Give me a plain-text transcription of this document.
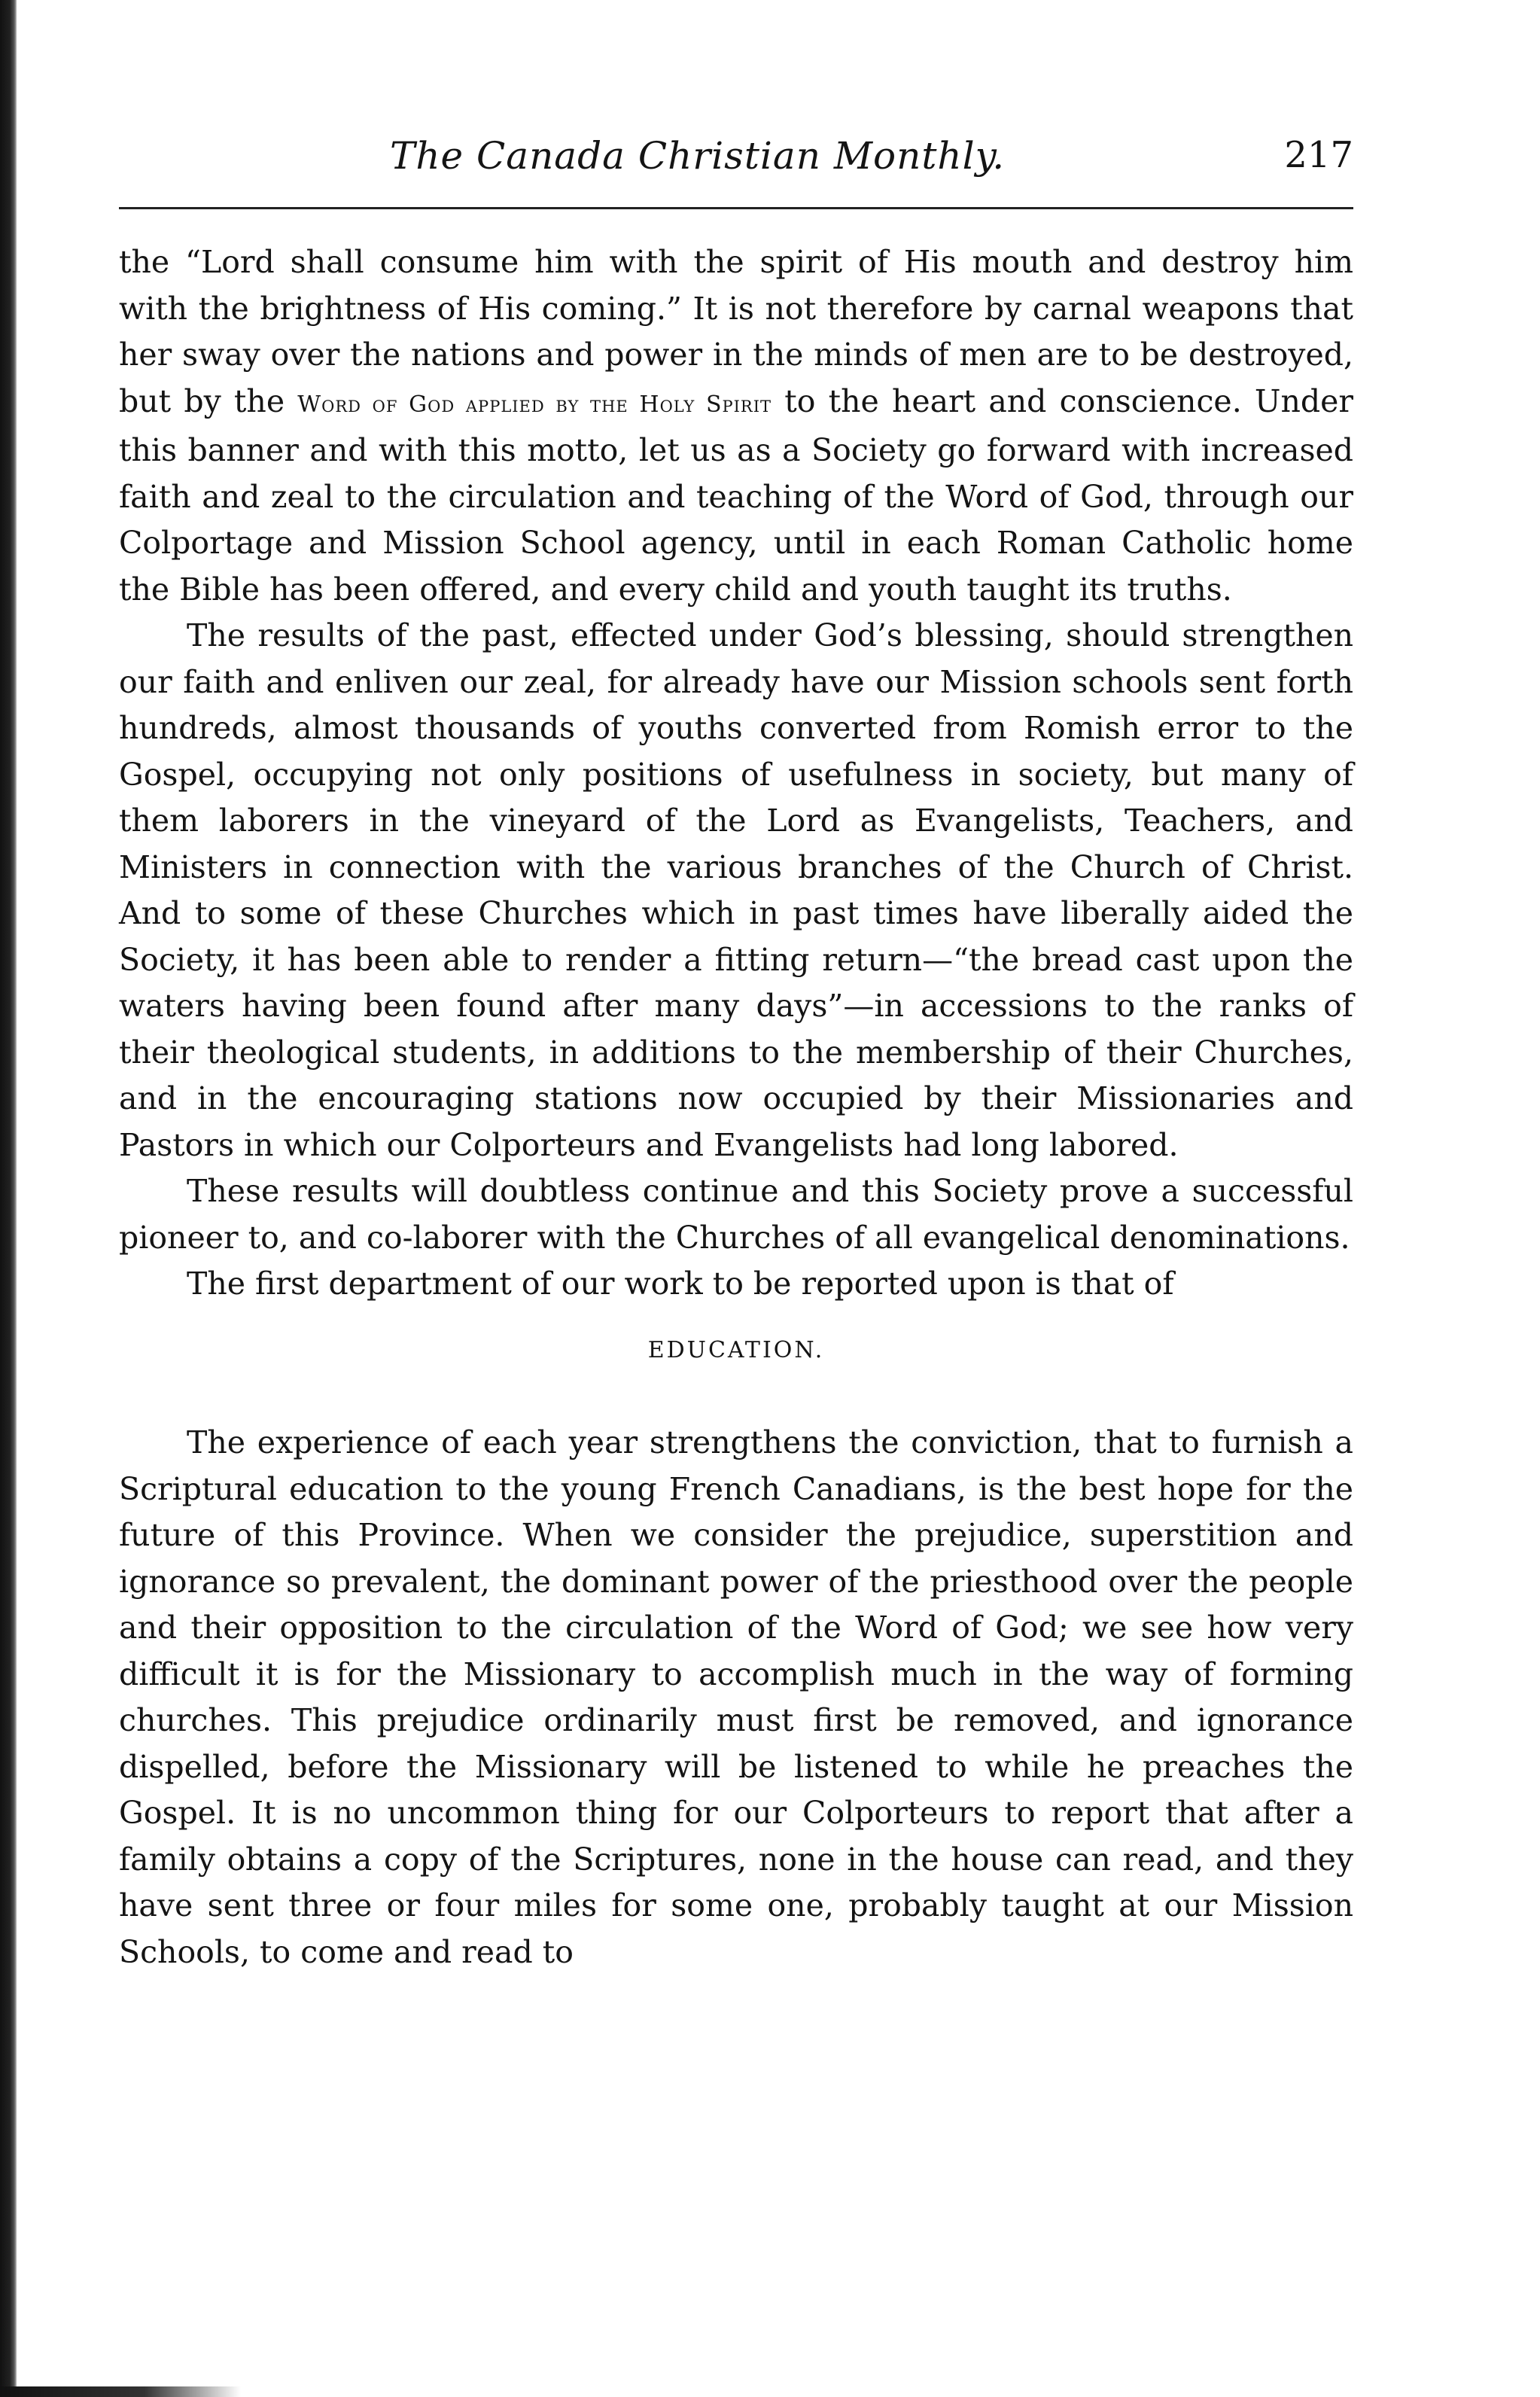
The Canada Christian Monthly.	217

the “Lord shall consume him with the spirit of His mouth and destroy him with the brightness of His coming.” It is not therefore by carnal weapons that her sway over the nations and power in the minds of men are to be destroyed, but by the Word of God applied by the Holy Spirit to the heart and conscience. Under this banner and with this motto, let us as a Society go forward with increased faith and zeal to the circulation and teaching of the Word of God, through our Colportage and Mission School agency, until in each Roman Catholic home the Bible has been offered, and every child and youth taught its truths.

The results of the past, effected under God’s blessing, should strengthen our faith and enliven our zeal, for already have our Mission schools sent forth hundreds, almost thousands of youths converted from Romish error to the Gospel, occupying not only positions of usefulness in society, but many of them laborers in the vineyard of the Lord as Evangelists, Teachers, and Ministers in connection with the various branches of the Church of Christ. And to some of these Churches which in past times have liberally aided the Society, it has been able to render a fitting return—“the bread cast upon the waters having been found after many days”—in accessions to the ranks of their theological students, in additions to the membership of their Churches, and in the encouraging stations now occupied by their Missionaries and Pastors in which our Colporteurs and Evangelists had long labored.

These results will doubtless continue and this Society prove a successful pioneer to, and co-laborer with the Churches of all evangelical denominations.

The first department of our work to be reported upon is that of

EDUCATION.

The experience of each year strengthens the conviction, that to furnish a Scriptural education to the young French Canadians, is the best hope for the future of this Province. When we consider the prejudice, superstition and ignorance so prevalent, the dominant power of the priesthood over the people and their opposition to the circulation of the Word of God; we see how very difficult it is for the Missionary to accomplish much in the way of forming churches. This prejudice ordinarily must first be removed, and ignorance dispelled, before the Missionary will be listened to while he preaches the Gospel. It is no uncommon thing for our Colporteurs to report that after a family obtains a copy of the Scriptures, none in the house can read, and they have sent three or four miles for some one, probably taught at our Mission Schools, to come and read to
